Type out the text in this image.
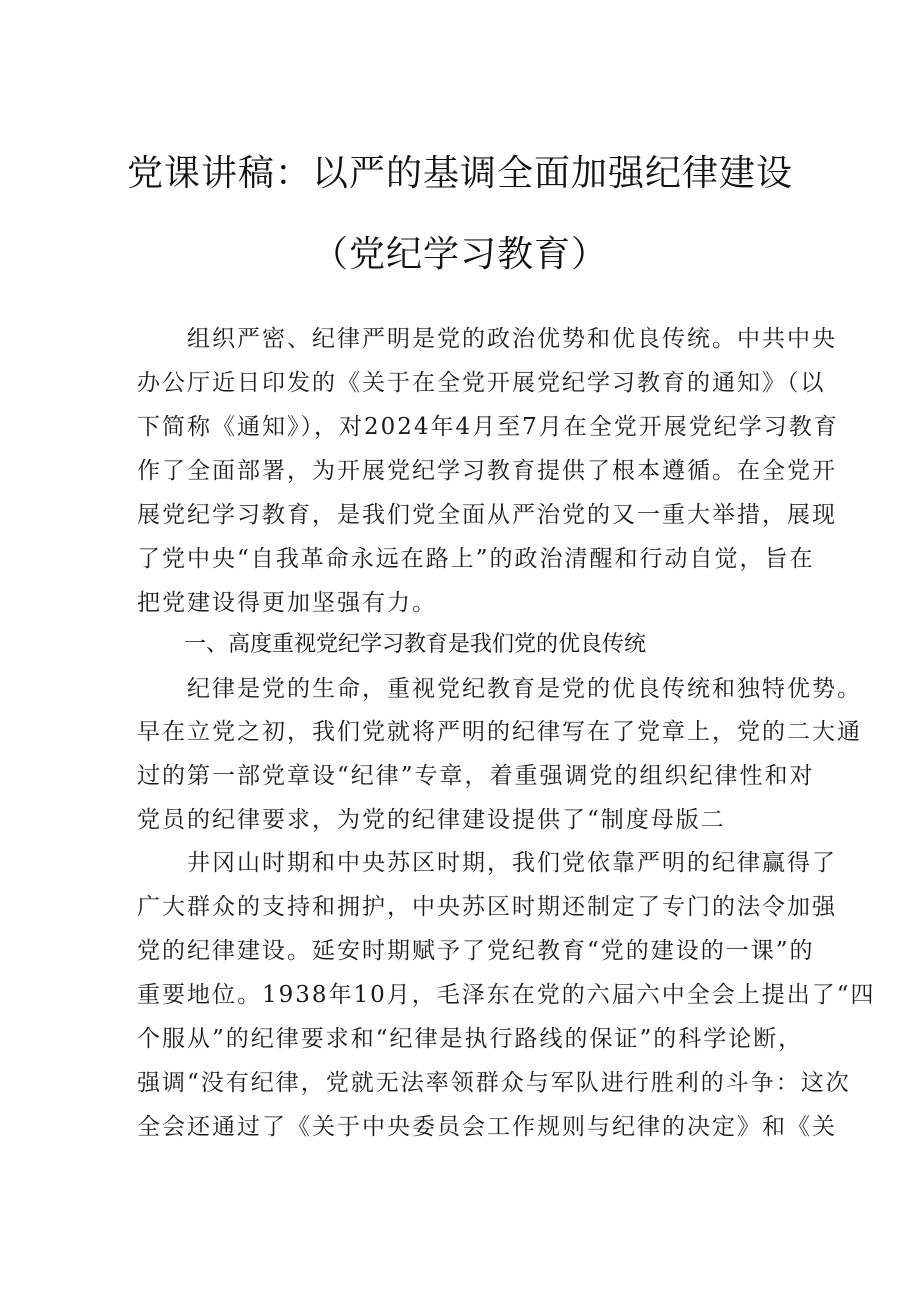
党课讲稿：以严的基调全面加强纪律建设
（党纪学习教育）
　　组织严密、纪律严明是党的政治优势和优良传统。中共中央
办公厅近日印发的《关于在全党开展党纪学习教育的通知》（以
下简称《通知》），对2024年4月至7月在全党开展党纪学习教育
作了全面部署，为开展党纪学习教育提供了根本遵循。在全党开
展党纪学习教育，是我们党全面从严治党的又一重大举措，展现
了党中央“自我革命永远在路上”的政治清醒和行动自觉，旨在
把党建设得更加坚强有力。
一、高度重视党纪学习教育是我们党的优良传统
　　纪律是党的生命，重视党纪教育是党的优良传统和独特优势。
早在立党之初，我们党就将严明的纪律写在了党章上，党的二大通
过的第一部党章设“纪律”专章，着重强调党的组织纪律性和对
党员的纪律要求，为党的纪律建设提供了“制度母版二
　　井冈山时期和中央苏区时期，我们党依靠严明的纪律赢得了
广大群众的支持和拥护，中央苏区时期还制定了专门的法令加强
党的纪律建设。延安时期赋予了党纪教育“党的建设的一课”的
重要地位。1938年10月，毛泽东在党的六届六中全会上提出了“四
个服从”的纪律要求和“纪律是执行路线的保证”的科学论断，
强调“没有纪律，党就无法率领群众与军队进行胜利的斗争：这次
全会还通过了《关于中央委员会工作规则与纪律的决定》和《关
